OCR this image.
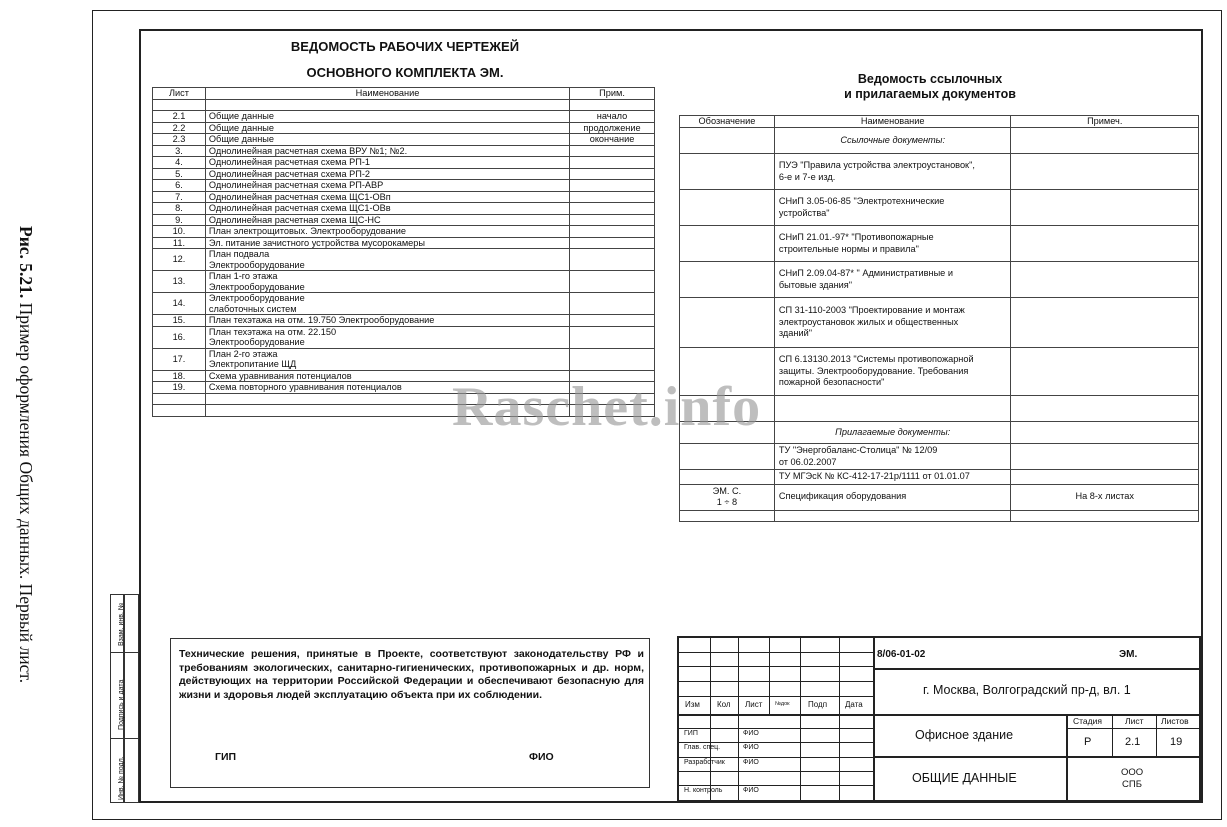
Рис. 5.21. Пример оформления Общих данных. Первый лист.	Взам. инв. №
Подпись и дата
Инв. № подл.
ВЕДОМОСТЬ РАБОЧИХ ЧЕРТЕЖЕЙ
ОСНОВНОГО КОМПЛЕКТА ЭМ.
Лист	Наименование	Прим.

2.1	Общие данные	начало
2.2	Общие данные	продолжение
2.3	Общие данные	окончание
3.	Однолинейная расчетная схема ВРУ №1; №2.	
4.	Однолинейная расчетная схема РП-1	
5.	Однолинейная расчетная схема РП-2	
6.	Однолинейная расчетная схема РП-АВР	
7.	Однолинейная расчетная схема ЩС1-ОВп	
8.	Однолинейная расчетная схема ЩС1-ОВв	
9.	Однолинейная расчетная схема ЩС-НС	
10.	План электрощитовых. Электрооборудование	
11.	Эл. питание зачистного устройства мусорокамеры	
12.	План подвала
Электрооборудование	

13.	План 1-го этажа
Электрооборудование	

14.	Электрооборудование
слаботочных систем	

15.	План техэтажа на отм. 19.750 Электрооборудование	
16.	План техэтажа на отм. 22.150
Электрооборудование	

17.	План 2-го этажа
Электропитание ЩД	

18.	Схема уравнивания потенциалов	
19.	Схема повторного уравнивания потенциалов	

Ведомость ссылочных
и прилагаемых документов
Обозначение	Наименование	Примеч.
	Ссылочные документы:	

	ПУЭ "Правила устройства электроустановок",
6-е и 7-е изд.	

	СНиП 3.05-06-85 "Электротехнические
устройства"	

	СНиП 21.01.-97* "Противопожарные
строительные нормы и правила"	

	СНиП 2.09.04-87* " Административные и
бытовые здания"	

	СП 31-110-2003 "Проектирование и монтаж
электроустановок жилых и общественных
зданий"	

	СП 6.13130.2013 "Системы противопожарной
защиты. Электрооборудование. Требования
пожарной безопасности"	

	Прилагаемые документы:	

	ТУ "Энергобаланс-Столица" № 12/09
от 06.02.2007	

	ТУ МГЭсК № КС-412-17-21р/1111 от 01.01.07	

ЭМ. С.
1 ÷ 8	Спецификация оборудования	На 8-х листах

Технические решения, принятые в Проекте, соответствуют законодательству РФ и требованиям экологических, санитарно-гигиенических, противопожарных и др. норм, действующих на территории Российской Федерации и обеспечивают безопасную для жизни и здоровья людей эксплуатацию объекта при их соблюдении.
ГИП	ФИО
8/06-01-02	ЭМ.
г. Москва, Волгоградский пр-д, вл. 1
Офисное здание
Стадия	Лист Листов
Р	2.1	19
ОБЩИЕ ДАННЫЕ	ООО
СПБ
Изм Кол Лист №док Подп Дата
ГИП
Глав. спец.
Разработчик
Н. контроль
ФИО
ФИО
ФИО
ФИО
Raschet.info
